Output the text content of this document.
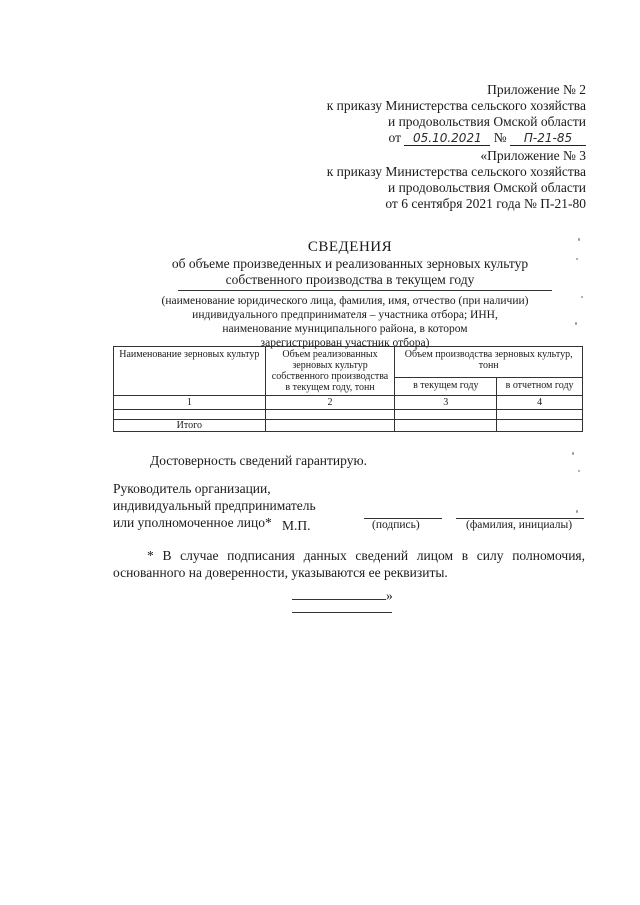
Приложение № 2
к приказу Министерства сельского хозяйства
и продовольствия Омской области
от 05.10.2021 № П-21-85
«Приложение № 3
к приказу Министерства сельского хозяйства
и продовольствия Омской области
от 6 сентября 2021 года № П-21-80
СВЕДЕНИЯ
об объеме произведенных и реализованных зерновых культур
собственного производства в текущем году
(наименование юридического лица, фамилия, имя, отчество (при наличии)
индивидуального предпринимателя – участника отбора; ИНН,
наименование муниципального района, в котором
зарегистрирован участник отбора)
Наименование зерновых культур	Объем реализованных зерновых культур собственного производства в текущем году, тонн	Объем производства зерновых культур, тонн	
		в текущем году	в отчетном году
1	2	3	4

Итого			
Достоверность сведений гарантирую.
Руководитель организации,
индивидуальный предприниматель
или уполномоченное лицо* М.П.	(подпись)	(фамилия, инициалы)
* В случае подписания данных сведений лицом в силу полномочия, основанного на доверенности, указываются ее реквизиты.
»
